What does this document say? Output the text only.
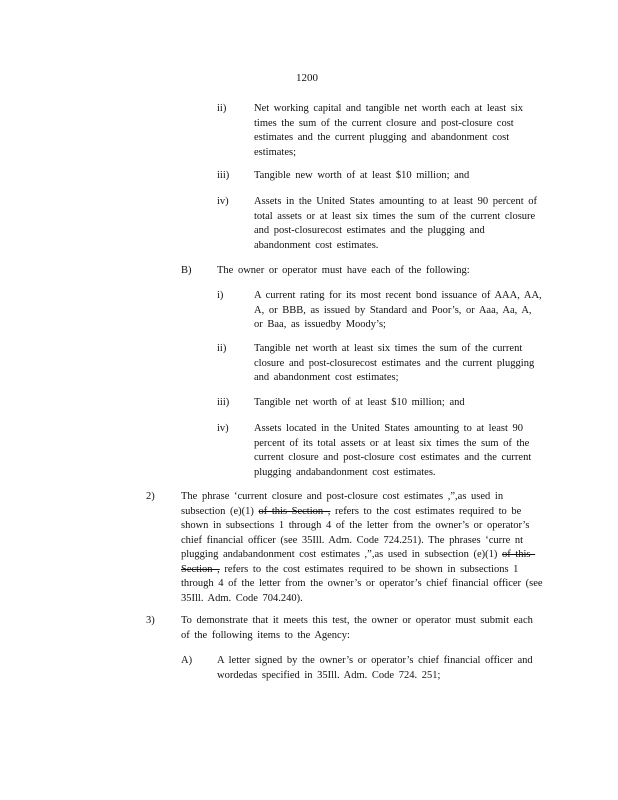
1200
ii)	Net working capital and tangible net worth each at least six times the sum of the current closure and post-closure cost estimates and the current plugging and abandonment cost estimates;
iii) Tangible new worth of at least $10 million; and
iv) Assets in the United States amounting to at least 90 percent of total assets or at least six times the sum of the current closure and post-closurecost estimates and the plugging and abandonment cost estimates.
B) The owner or operator must have each of the following:
i)	A current rating for its most recent bond issuance of AAA, AA, A, or BBB, as issued by Standard and Poor’s, or Aaa, Aa, A, or Baa, as issuedby Moody’s;
ii)	Tangible net worth at least six times the sum of the current closure and post-closurecost estimates and the current plugging and abandonment cost estimates;
iii) Tangible net worth of at least $10 million; and
iv) Assets located in the United States amounting to at least 90 percent of its total assets or at least six times the sum of the current closure and post-closure cost estimates and the current plugging andabandonment cost estimates.
2)	The phrase ‘current closure and post-closure cost estimates ,”,as used in subsection (e)(1) of this Section , refers to the cost estimates required to be shown in subsections 1 through 4 of the letter from the owner’s or operator’s chief financial officer (see 35Ill. Adm. Code 724.251). The phrases ‘curre nt plugging andabandonment cost estimates ,”,as used in subsection (e)(1) of this Section , refers to the cost estimates required to be shown in subsections 1 through 4 of the letter from the owner’s or operator’s chief financial officer (see 35Ill. Adm. Code 704.240).
3)	To demonstrate that it meets this test, the owner or operator must submit each of the following items to the Agency:
A) A letter signed by the owner’s or operator’s chief financial officer and wordedas specified in 35Ill. Adm. Code 724. 251;
